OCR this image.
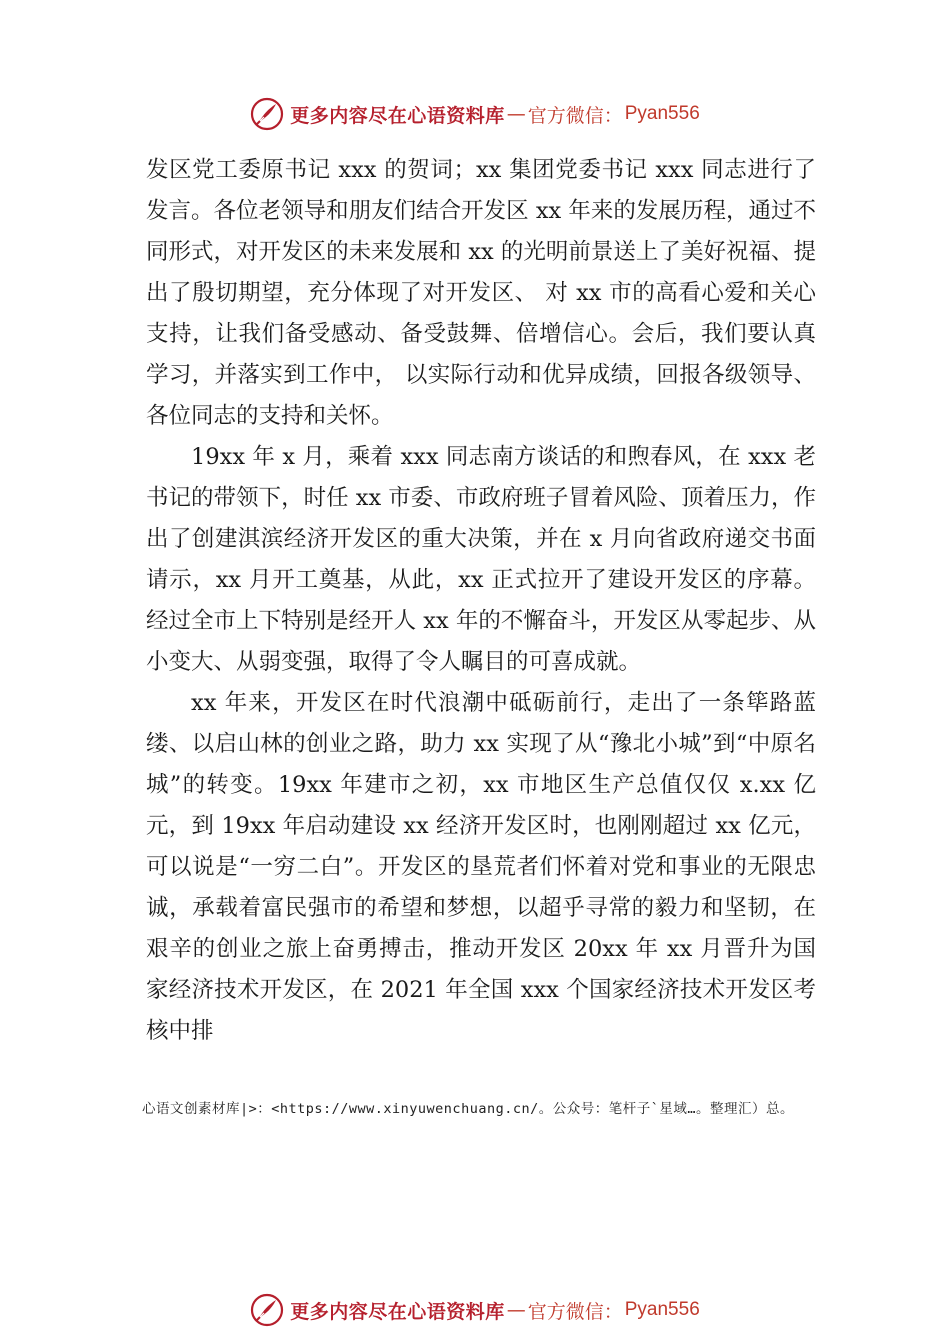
更多内容尽在心语资料库 — 官方微信： Pyan556

发区党工委原书记 xxx 的贺词；xx 集团党委书记 xxx 同志进行了发言。各位老领导和朋友们结合开发区 xx 年来的发展历程，通过不同形式，对开发区的未来发展和 xx 的光明前景送上了美好祝福、提出了殷切期望，充分体现了对开发区、 对 xx 市的高看心爱和关心支持，让我们备受感动、备受鼓舞、倍增信心。会后，我们要认真学习，并落实到工作中， 以实际行动和优异成绩，回报各级领导、各位同志的支持和关怀。

19xx 年 x 月，乘着 xxx 同志南方谈话的和煦春风，在 xxx 老书记的带领下，时任 xx 市委、市政府班子冒着风险、顶着压力，作出了创建淇滨经济开发区的重大决策，并在 x 月向省政府递交书面请示，xx 月开工奠基，从此，xx 正式拉开了建设开发区的序幕。经过全市上下特别是经开人 xx 年的不懈奋斗，开发区从零起步、从小变大、从弱变强，取得了令人瞩目的可喜成就。

xx 年来，开发区在时代浪潮中砥砺前行，走出了一条筚路蓝缕、以启山林的创业之路，助力 xx 实现了从“豫北小城”到“中原名城”的转变。19xx 年建市之初，xx 市地区生产总值仅仅 x.xx 亿元，到 19xx 年启动建设 xx 经济开发区时，也刚刚超过 xx 亿元，可以说是“一穷二白”。开发区的垦荒者们怀着对党和事业的无限忠诚，承载着富民强市的希望和梦想，以超乎寻常的毅力和坚韧，在艰辛的创业之旅上奋勇搏击，推动开发区 20xx 年 xx 月晋升为国家经济技术开发区，在 2021 年全国 xxx 个国家经济技术开发区考核中排

心语文创素材库|>：<https://www.xinyuwenchuang.cn/。公众号：笔杆子`星域…。整理汇）总。
更多内容尽在心语资料库 — 官方微信： Pyan556
